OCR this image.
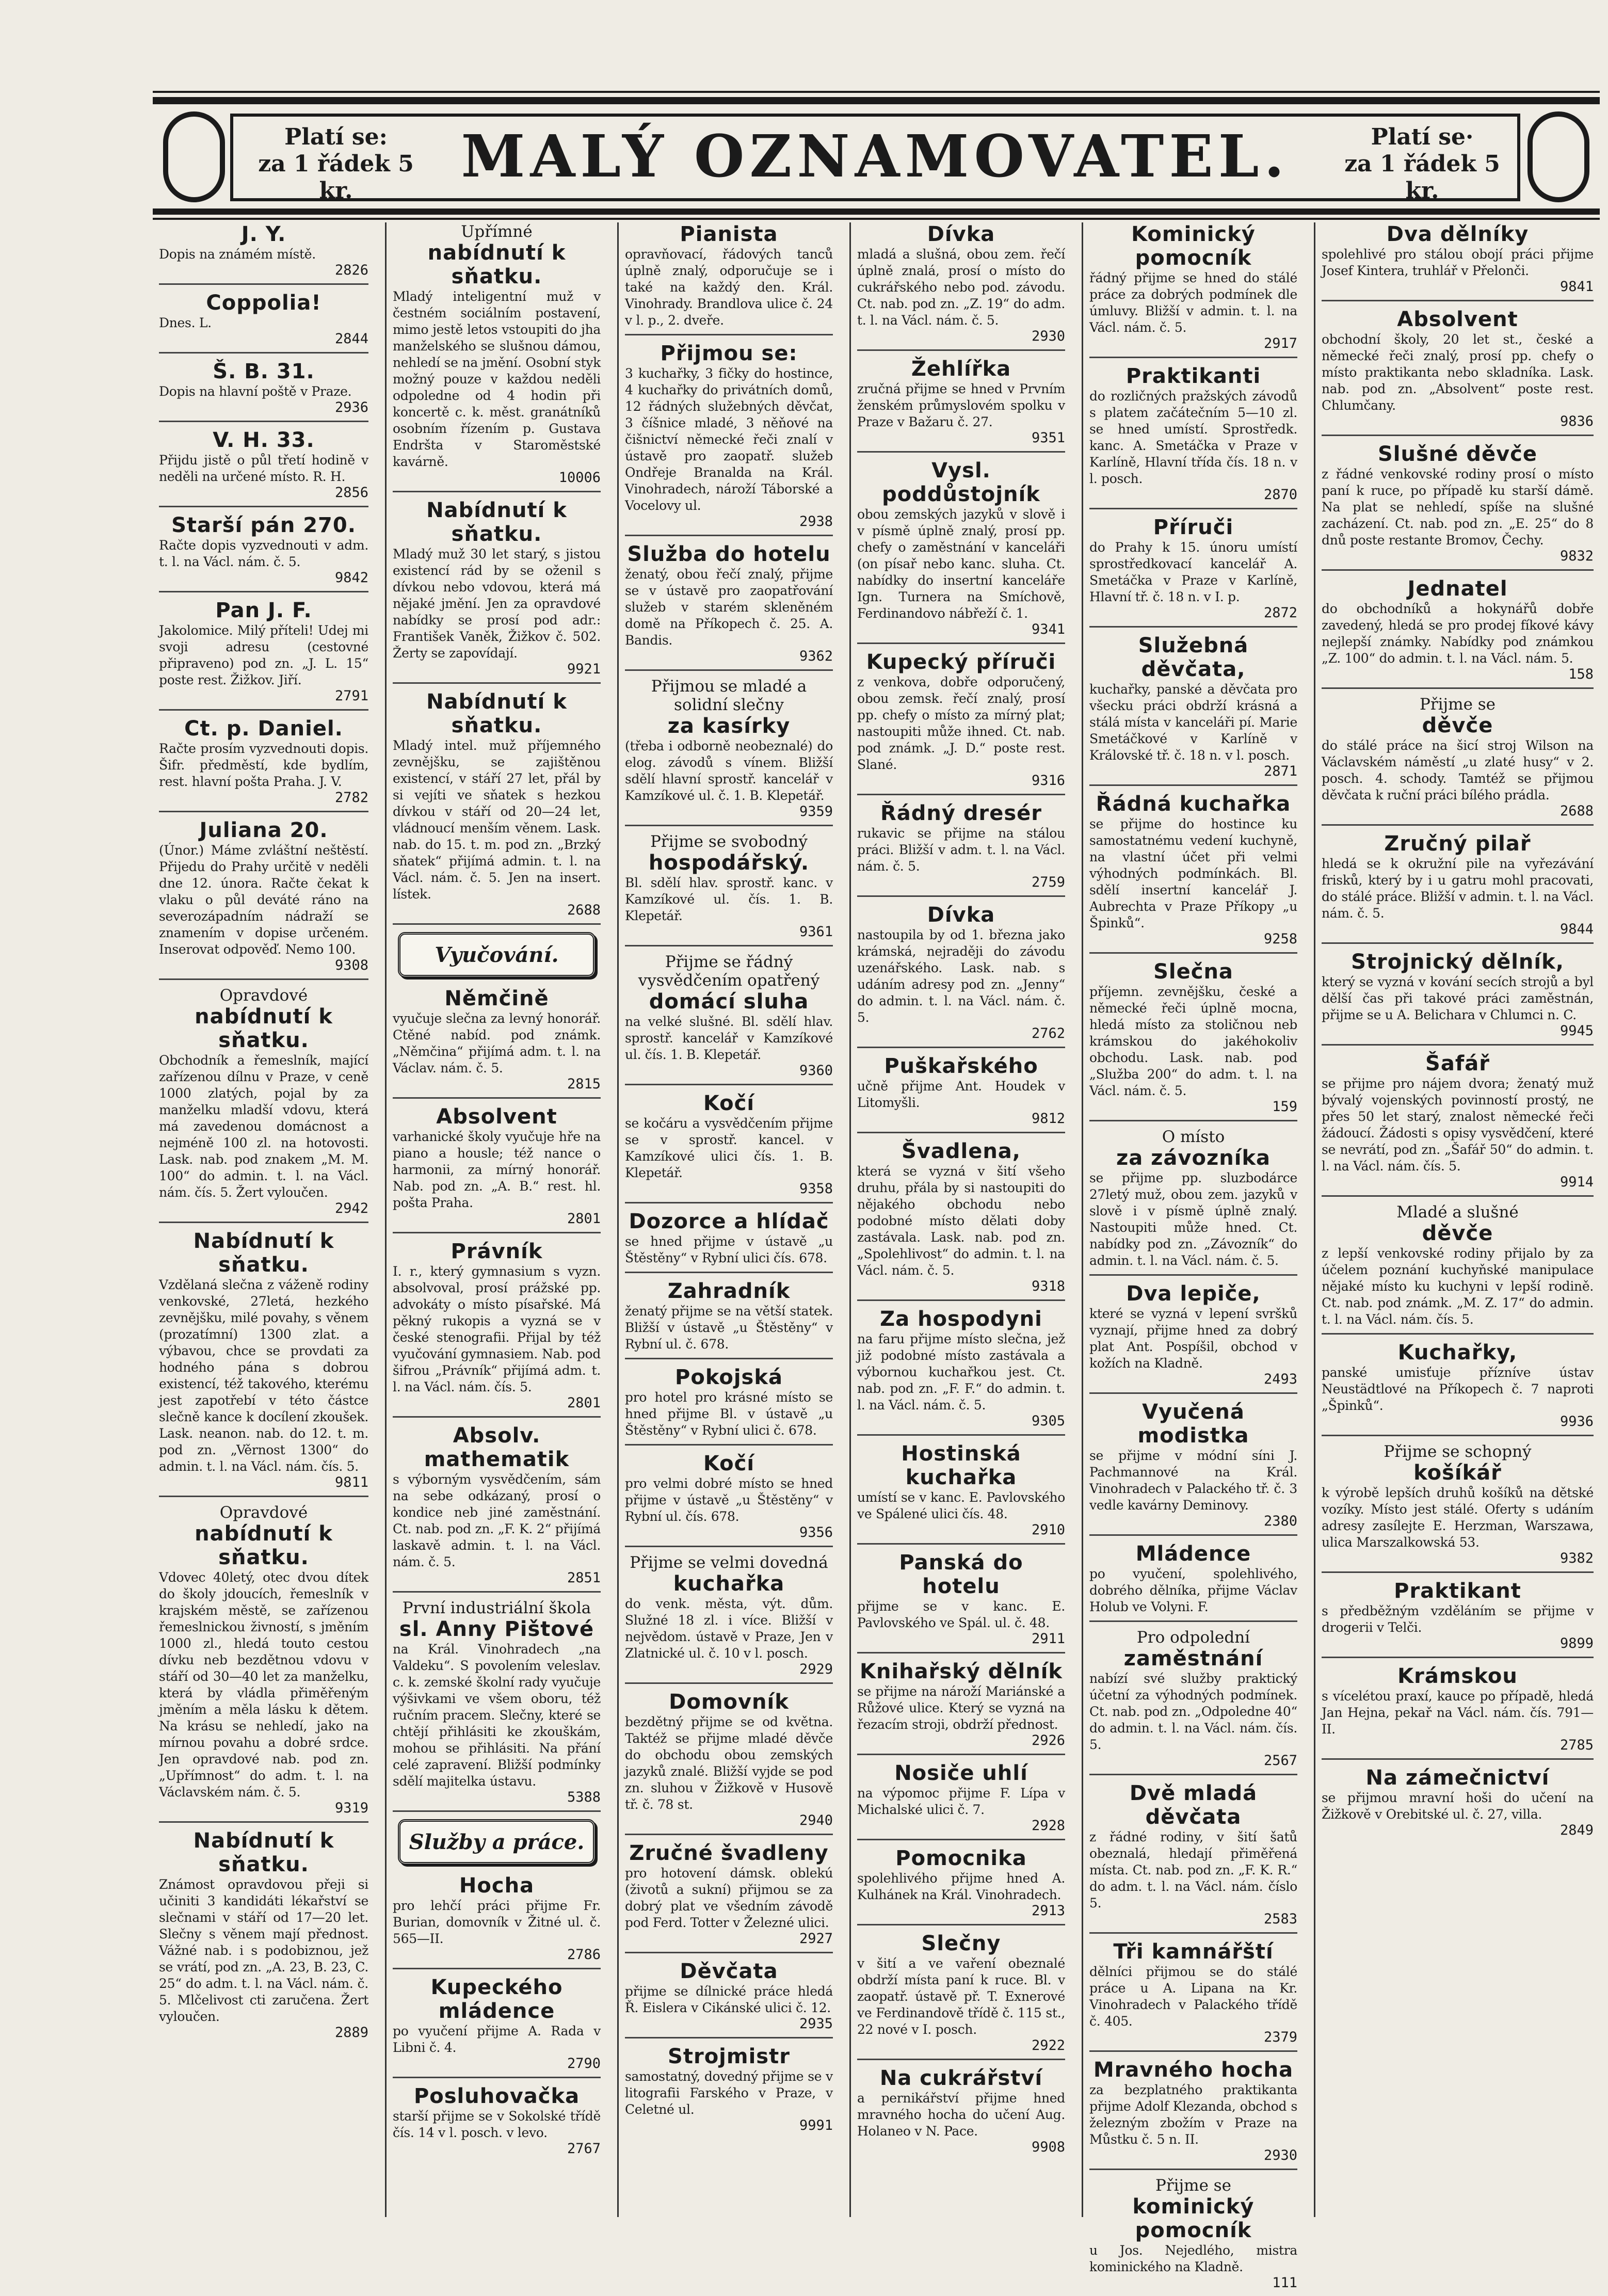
Platí se:
za 1 řádek 5 kr.
MALÝ OZNAMOVATEL.	Platí se·
za 1 řádek 5 kr.
J. Y.
Dopis na známém místě.
2826
Coppolia!
Dnes. L.
2844
Š. B. 31.
Dopis na hlavní poště v Praze.
2936
V. H. 33.
Přijdu jistě o půl třetí hodině v neděli na určené místo. R. H.
2856
Starší pán 270.
Račte dopis vyzvednouti v adm. t. l. na Václ. nám. č. 5.
9842
Pan J. F.
Jakolomice. Milý příteli! Udej mi svoji adresu (cestovné připraveno) pod zn. „J. L. 15“ poste rest. Žižkov. Jiří.
2791
Ct. p. Daniel.
Račte prosím vyzvednouti dopis. Šifr. předměstí, kde bydlím, rest. hlavní pošta Praha. J. V.
2782
Juliana 20.
(Únor.) Máme zvláštní neštěstí. Přijedu do Prahy určitě v neděli dne 12. února. Račte čekat k vlaku o půl deváté ráno na severozápadním nádraží se znamením v dopise určeném. Inserovat odpověď. Nemo 100.
9308
Opravdové
nabídnutí k sňatku.
Obchodník a řemeslník, mající zařízenou dílnu v Praze, v ceně 1000 zlatých, pojal by za manželku mladší vdovu, která má zavedenou domácnost a nejméně 100 zl. na hotovosti. Lask. nab. pod znakem „M. M. 100“ do admin. t. l. na Václ. nám. čís. 5. Žert vyloučen.
2942
Nabídnutí k sňatku.
Vzdělaná slečna z váženě rodiny venkovské, 27letá, hezkého zevnějšku, milé povahy, s věnem (prozatímní) 1300 zlat. a výbavou, chce se provdati za hodného pána s dobrou existencí, též takového, kterému jest zapotřebí v této částce slečně kance k docílení zkoušek. Lask. neanon. nab. do 12. t. m. pod zn. „Věrnost 1300“ do admin. t. l. na Václ. nám. čís. 5.
9811
Opravdové
nabídnutí k sňatku.
Vdovec 40letý, otec dvou dítek do školy jdoucích, řemeslník v krajském městě, se zařízenou řemeslnickou živností, s jměním 1000 zl., hledá touto cestou dívku neb bezdětnou vdovu v stáří od 30—40 let za manželku, která by vládla přiměřeným jměním a měla lásku k dětem. Na krásu se nehledí, jako na mírnou povahu a dobré srdce. Jen opravdové nab. pod zn. „Upřímnost“ do adm. t. l. na Václavském nám. č. 5.
9319
Nabídnutí k sňatku.
Známost opravdovou přeji si učiniti 3 kandidáti lékařství se slečnami v stáří od 17—20 let. Slečny s věnem mají přednost. Vážné nab. i s podobiznou, jež se vrátí, pod zn. „A. 23, B. 23, C. 25“ do adm. t. l. na Václ. nám. č. 5. Mlčelivost cti zaručena. Žert vyloučen.
2889
Upřímné
nabídnutí k sňatku.
Mladý inteligentní muž v čestném sociálním postavení, mimo jestě letos vstoupiti do jha manželského se slušnou dámou, nehledí se na jmění. Osobní styk možný pouze v každou neděli odpoledne od 4 hodin při koncertě c. k. měst. granátníků osobním řízením p. Gustava Endršta v Staroměstské kavárně.
10006
Nabídnutí k sňatku.
Mladý muž 30 let starý, s jistou existencí rád by se oženil s dívkou nebo vdovou, která má nějaké jmění. Jen za opravdové nabídky se prosí pod adr.: František Vaněk, Žižkov č. 502. Žerty se zapovídají.
9921
Nabídnutí k sňatku.
Mladý intel. muž příjemného zevnějšku, se zajištěnou existencí, v stáří 27 let, přál by si vejíti ve sňatek s hezkou dívkou v stáří od 20—24 let, vládnoucí menším věnem. Lask. nab. do 15. t. m. pod zn. „Brzký sňatek“ přijímá admin. t. l. na Václ. nám. č. 5. Jen na insert. lístek.
2688
Vyučování.
Němčině
vyučuje slečna za levný honorář. Ctěné nabíd. pod známk. „Němčina“ přijímá adm. t. l. na Václav. nám. č. 5.
2815
Absolvent
varhanické školy vyučuje hře na piano a housle; též nance o harmonii, za mírný honorář. Nab. pod zn. „A. B.“ rest. hl. pošta Praha.
2801
Právník
I. r., který gymnasium s vyzn. absolvoval, prosí prážské pp. advokáty o místo písařské. Má pěkný rukopis a vyzná se v české stenografii. Přijal by též vyučování gymnasiem. Nab. pod šifrou „Právník“ přijímá adm. t. l. na Václ. nám. čís. 5.
2801
Absolv. mathematik
s výborným vysvědčením, sám na sebe odkázaný, prosí o kondice neb jiné zaměstnání. Ct. nab. pod zn. „F. K. 2“ přijímá laskavě admin. t. l. na Václ. nám. č. 5.
2851
První industriální škola
sl. Anny Pištové
na Král. Vinohradech „na Valdeku“. S povolením veleslav. c. k. zemské školní rady vyučuje výšivkami ve všem oboru, též ručním pracem. Slečny, které se chtějí přihlásiti ke zkouškám, mohou se přihlásiti. Na přání celé zapravení. Bližší podmínky sdělí majitelka ústavu.
5388
Služby a práce.
Hocha
pro lehčí práci přijme Fr. Burian, domovník v Žitné ul. č. 565—II.
2786
Kupeckého mládence
po vyučení přijme A. Rada v Libni č. 4.
2790
Posluhovačka
starší přijme se v Sokolské třídě čís. 14 v l. posch. v levo.
2767
Pianista
opravňovací, řádových tanců úplně znalý, odporučuje se i také na každý den. Král. Vinohrady. Brandlova ulice č. 24 v l. p., 2. dveře.
Přijmou se:
3 kuchařky, 3 fičky do hostince, 4 kuchařky do privátních domů, 12 řádných služebných děvčat, 3 číšnice mladé, 3 něňové na čišnictví německé řeči znalí v ústavě pro zaopatř. služeb Ondřeje Branalda na Král. Vinohradech, nároží Táborské a Vocelovy ul.
2938
Služba do hotelu
ženatý, obou řečí znalý, přijme se v ústavě pro zaopatřování služeb v starém skleněném domě na Příkopech č. 25. A. Bandis.
9362
Přijmou se mladé a solidní slečny
za kasírky
(třeba i odborně neobeznalé) do elog. závodů s vínem. Bližší sdělí hlavní sprostř. kancelář v Kamzíkové ul. č. 1. B. Klepetář.
9359
Přijme se svobodný
hospodářský.
Bl. sdělí hlav. sprostř. kanc. v Kamzíkové ul. čís. 1. B. Klepetář.
9361
Přijme se řádný vysvědčením opatřený
domácí sluha
na velké slušné. Bl. sdělí hlav. sprostř. kancelář v Kamzíkové ul. čís. 1. B. Klepetář.
9360
Kočí
se kočáru a vysvědčením přijme se v sprostř. kancel. v Kamzíkové ulici čís. 1. B. Klepetář.
9358
Dozorce a hlídač
se hned přijme v ústavě „u Štěstěny“ v Rybní ulici čís. 678.
Zahradník
ženatý přijme se na větší statek. Bližší v ústavě „u Štěstěny“ v Rybní ul. č. 678.
Pokojská
pro hotel pro krásné místo se hned přijme Bl. v ústavě „u Štěstěny“ v Rybní ulici č. 678.
Kočí
pro velmi dobré místo se hned přijme v ústavě „u Štěstěny“ v Rybní ul. čís. 678.
9356
Přijme se velmi dovedná
kuchařka
do venk. města, výt. dům. Služné 18 zl. i více. Bližší v nejvědom. ústavě v Praze, Jen v Zlatnické ul. č. 10 v l. posch.
2929
Domovník
bezdětný přijme se od května. Taktéž se přijme mladé děvče do obchodu obou zemských jazyků znalé. Bližší vyjde se pod zn. sluhou v Žižkově v Husově tř. č. 78 st.
2940
Zručné švadleny
pro hotovení dámsk. oblekú (životů a sukní) přijmou se za dobrý plat ve všedním závodě pod Ferd. Totter v Železné ulici.
2927
Děvčata
přijme se dílnické práce hledá Ř. Eislera v Cikánské ulici č. 12.
2935
Strojmistr
samostatný, dovedný přijme se v litografii Farského v Praze, v Celetné ul.
9991
Dívka
mladá a slušná, obou zem. řečí úplně znalá, prosí o místo do cukrářského nebo pod. závodu. Ct. nab. pod zn. „Z. 19“ do adm. t. l. na Václ. nám. č. 5.
2930
Žehlířka
zručná přijme se hned v Prvním ženském průmyslovém spolku v Praze v Bažaru č. 27.
9351
Vysl. poddůstojník
obou zemských jazyků v slově i v písmě úplně znalý, prosí pp. chefy o zaměstnání v kanceláři (on písař nebo kanc. sluha. Ct. nabídky do insertní kanceláře Ign. Turnera na Smíchově, Ferdinandovo nábřeží č. 1.
9341
Kupecký příruči
z venkova, dobře odporučený, obou zemsk. řečí znalý, prosí pp. chefy o místo za mírný plat; nastoupiti může ihned. Ct. nab. pod známk. „J. D.“ poste rest. Slané.
9316
Řádný dresér
rukavic se přijme na stálou práci. Bližší v adm. t. l. na Václ. nám. č. 5.
2759
Dívka
nastoupila by od 1. března jako krámská, nejraději do závodu uzenářského. Lask. nab. s udáním adresy pod zn. „Jenny“ do admin. t. l. na Václ. nám. č. 5.
2762
Puškařského
učně přijme Ant. Houdek v Litomyšli.
9812
Švadlena,
která se vyzná v šití všeho druhu, přála by si nastoupiti do nějakého obchodu nebo podobné místo dělati doby zastávala. Lask. nab. pod zn. „Spolehlivost“ do admin. t. l. na Václ. nám. č. 5.
9318
Za hospodyni
na faru přijme místo slečna, jež již podobné místo zastávala a výbornou kuchařkou jest. Ct. nab. pod zn. „F. F.“ do admin. t. l. na Václ. nám. č. 5.
9305
Hostinská kuchařka
umístí se v kanc. E. Pavlovského ve Spálené ulici čís. 48.
2910
Panská do hotelu
přijme se v kanc. E. Pavlovského ve Spál. ul. č. 48.
2911
Knihařský dělník
se přijme na nároží Mariánské a Růžové ulice. Který se vyzná na řezacím stroji, obdrží přednost.
2926
Nosiče uhlí
na výpomoc přijme F. Lípa v Michalské ulici č. 7.
2928
Pomocnika
spolehlivého přijme hned A. Kulhánek na Král. Vinohradech.
2913
Slečny
v šití a ve vaření obeznalé obdrží místa paní k ruce. Bl. v zaopatř. ústavě př. T. Exnerové ve Ferdinandově třídě č. 115 st., 22 nové v I. posch.
2922
Na cukrářství
a pernikářství přijme hned mravného hocha do učení Aug. Holaneo v N. Pace.
9908
Kominický pomocník
řádný přijme se hned do stálé práce za dobrých podmínek dle úmluvy. Bližší v admin. t. l. na Václ. nám. č. 5.
2917
Praktikanti
do rozličných pražských závodů s platem začátečním 5—10 zl. se hned umístí. Sprostředk. kanc. A. Smetáčka v Praze v Karlíně, Hlavní třída čís. 18 n. v l. posch.
2870
Příruči
do Prahy k 15. únoru umístí sprostředkovací kancelář A. Smetáčka v Praze v Karlíně, Hlavní tř. č. 18 n. v I. p.
2872
Služebná děvčata,
kuchařky, panské a děvčata pro všecku práci obdrží krásná a stálá místa v kanceláři pí. Marie Smetáčkové v Karlíně v Královské tř. č. 18 n. v l. posch.
2871
Řádná kuchařka
se přijme do hostince ku samostatnému vedení kuchyně, na vlastní účet při velmi výhodných podmínkách. Bl. sdělí insertní kancelář J. Aubrechta v Praze Příkopy „u Špinků“.
9258
Slečna
příjemn. zevnějšku, české a německé řeči úplně mocna, hledá místo za stoličnou neb krámskou do jakéhokoliv obchodu. Lask. nab. pod „Služba 200“ do adm. t. l. na Václ. nám. č. 5.
159
O místo
za závozníka
se přijme pp. sluzbodárce 27letý muž, obou zem. jazyků v slově i v písmě úplně znalý. Nastoupiti může hned. Ct. nabídky pod zn. „Závozník“ do admin. t. l. na Václ. nám. č. 5.
Dva lepiče,
které se vyzná v lepení svršků vyznají, přijme hned za dobrý plat Ant. Pospíšil, obchod v kožích na Kladně.
2493
Vyučená modistka
se přijme v módní síni J. Pachmannové na Král. Vinohradech v Palackého tř. č. 3 vedle kavárny Deminovy.
2380
Mládence
po vyučení, spolehlivého, dobrého dělníka, přijme Václav Holub ve Volyni. F.
Pro odpolední
zaměstnání
nabízí své služby praktický účetní za výhodných podmínek. Ct. nab. pod zn. „Odpoledne 40“ do admin. t. l. na Václ. nám. čís. 5.
2567
Dvě mladá děvčata
z řádné rodiny, v šití šatů obeznalá, hledají přiměřená místa. Ct. nab. pod zn. „F. K. R.“ do adm. t. l. na Václ. nám. číslo 5.
2583
Tři kamnářští
dělníci přijmou se do stálé práce u A. Lipana na Kr. Vinohradech v Palackého třídě č. 405.
2379
Mravného hocha
za bezplatného praktikanta přijme Adolf Klezanda, obchod s železným zbožím v Praze na Můstku č. 5 n. II.
2930
Přijme se
kominický pomocník
u Jos. Nejedlého, mistra kominického na Kladně.
111
Dva dělníky
spolehlivé pro stálou obojí práci přijme Josef Kintera, truhlář v Přelonči.
9841
Absolvent
obchodní školy, 20 let st., české a německé řeči znalý, prosí pp. chefy o místo praktikanta nebo skladníka. Lask. nab. pod zn. „Absolvent“ poste rest. Chlumčany.
9836
Slušné děvče
z řádné venkovské rodiny prosí o místo paní k ruce, po případě ku starší dámě. Na plat se nehledí, spíše na slušné zacházení. Ct. nab. pod zn. „E. 25“ do 8 dnů poste restante Bromov, Čechy.
9832
Jednatel
do obchodníků a hokynářů dobře zavedený, hledá se pro prodej fíkové kávy nejlepší známky. Nabídky pod známkou „Z. 100“ do admin. t. l. na Václ. nám. 5.
158
Přijme se
děvče
do stálé práce na šicí stroj Wilson na Václavském náměstí „u zlaté husy“ v 2. posch. 4. schody. Tamtéž se přijmou děvčata k ruční práci bílého prádla.
2688
Zručný pilař
hledá se k okružní pile na vyřezávání frisků, který by i u gatru mohl pracovati, do stálé práce. Bližší v admin. t. l. na Václ. nám. č. 5.
9844
Strojnický dělník,
který se vyzná v kování secích strojů a byl dělší čas při takové práci zaměstnán, přijme se u A. Belichara v Chlumci n. C.
9945
Šafář
se přijme pro nájem dvora; ženatý muž bývalý vojenských povinností prostý, ne přes 50 let starý, znalost německé řeči žádoucí. Žádosti s opisy vysvědčení, které se nevrátí, pod zn. „Šafář 50“ do admin. t. l. na Václ. nám. čís. 5.
9914
Mladé a slušné
děvče
z lepší venkovské rodiny přijalo by za účelem poznání kuchyňské manipulace nějaké místo ku kuchyni v lepší rodině. Ct. nab. pod známk. „M. Z. 17“ do admin. t. l. na Václ. nám. čís. 5.
Kuchařky,
panské umisťuje přízníve ústav Neustädtlové na Příkopech č. 7 naproti „Špinků“.
9936
Přijme se schopný
košíkář
k výrobě lepších druhů košíků na dětské vozíky. Místo jest stálé. Oferty s udáním adresy zasílejte E. Herzman, Warszawa, ulica Marszalkowská 53.
9382
Praktikant
s předběžným vzděláním se přijme v drogerii v Telči.
9899
Krámskou
s vícelétou praxí, kauce po případě, hledá Jan Hejna, pekař na Václ. nám. čís. 791—II.
2785
Na zámečnictví
se přijmou mravní hoši do učení na Žižkově v Orebitské ul. č. 27, villa.
2849
